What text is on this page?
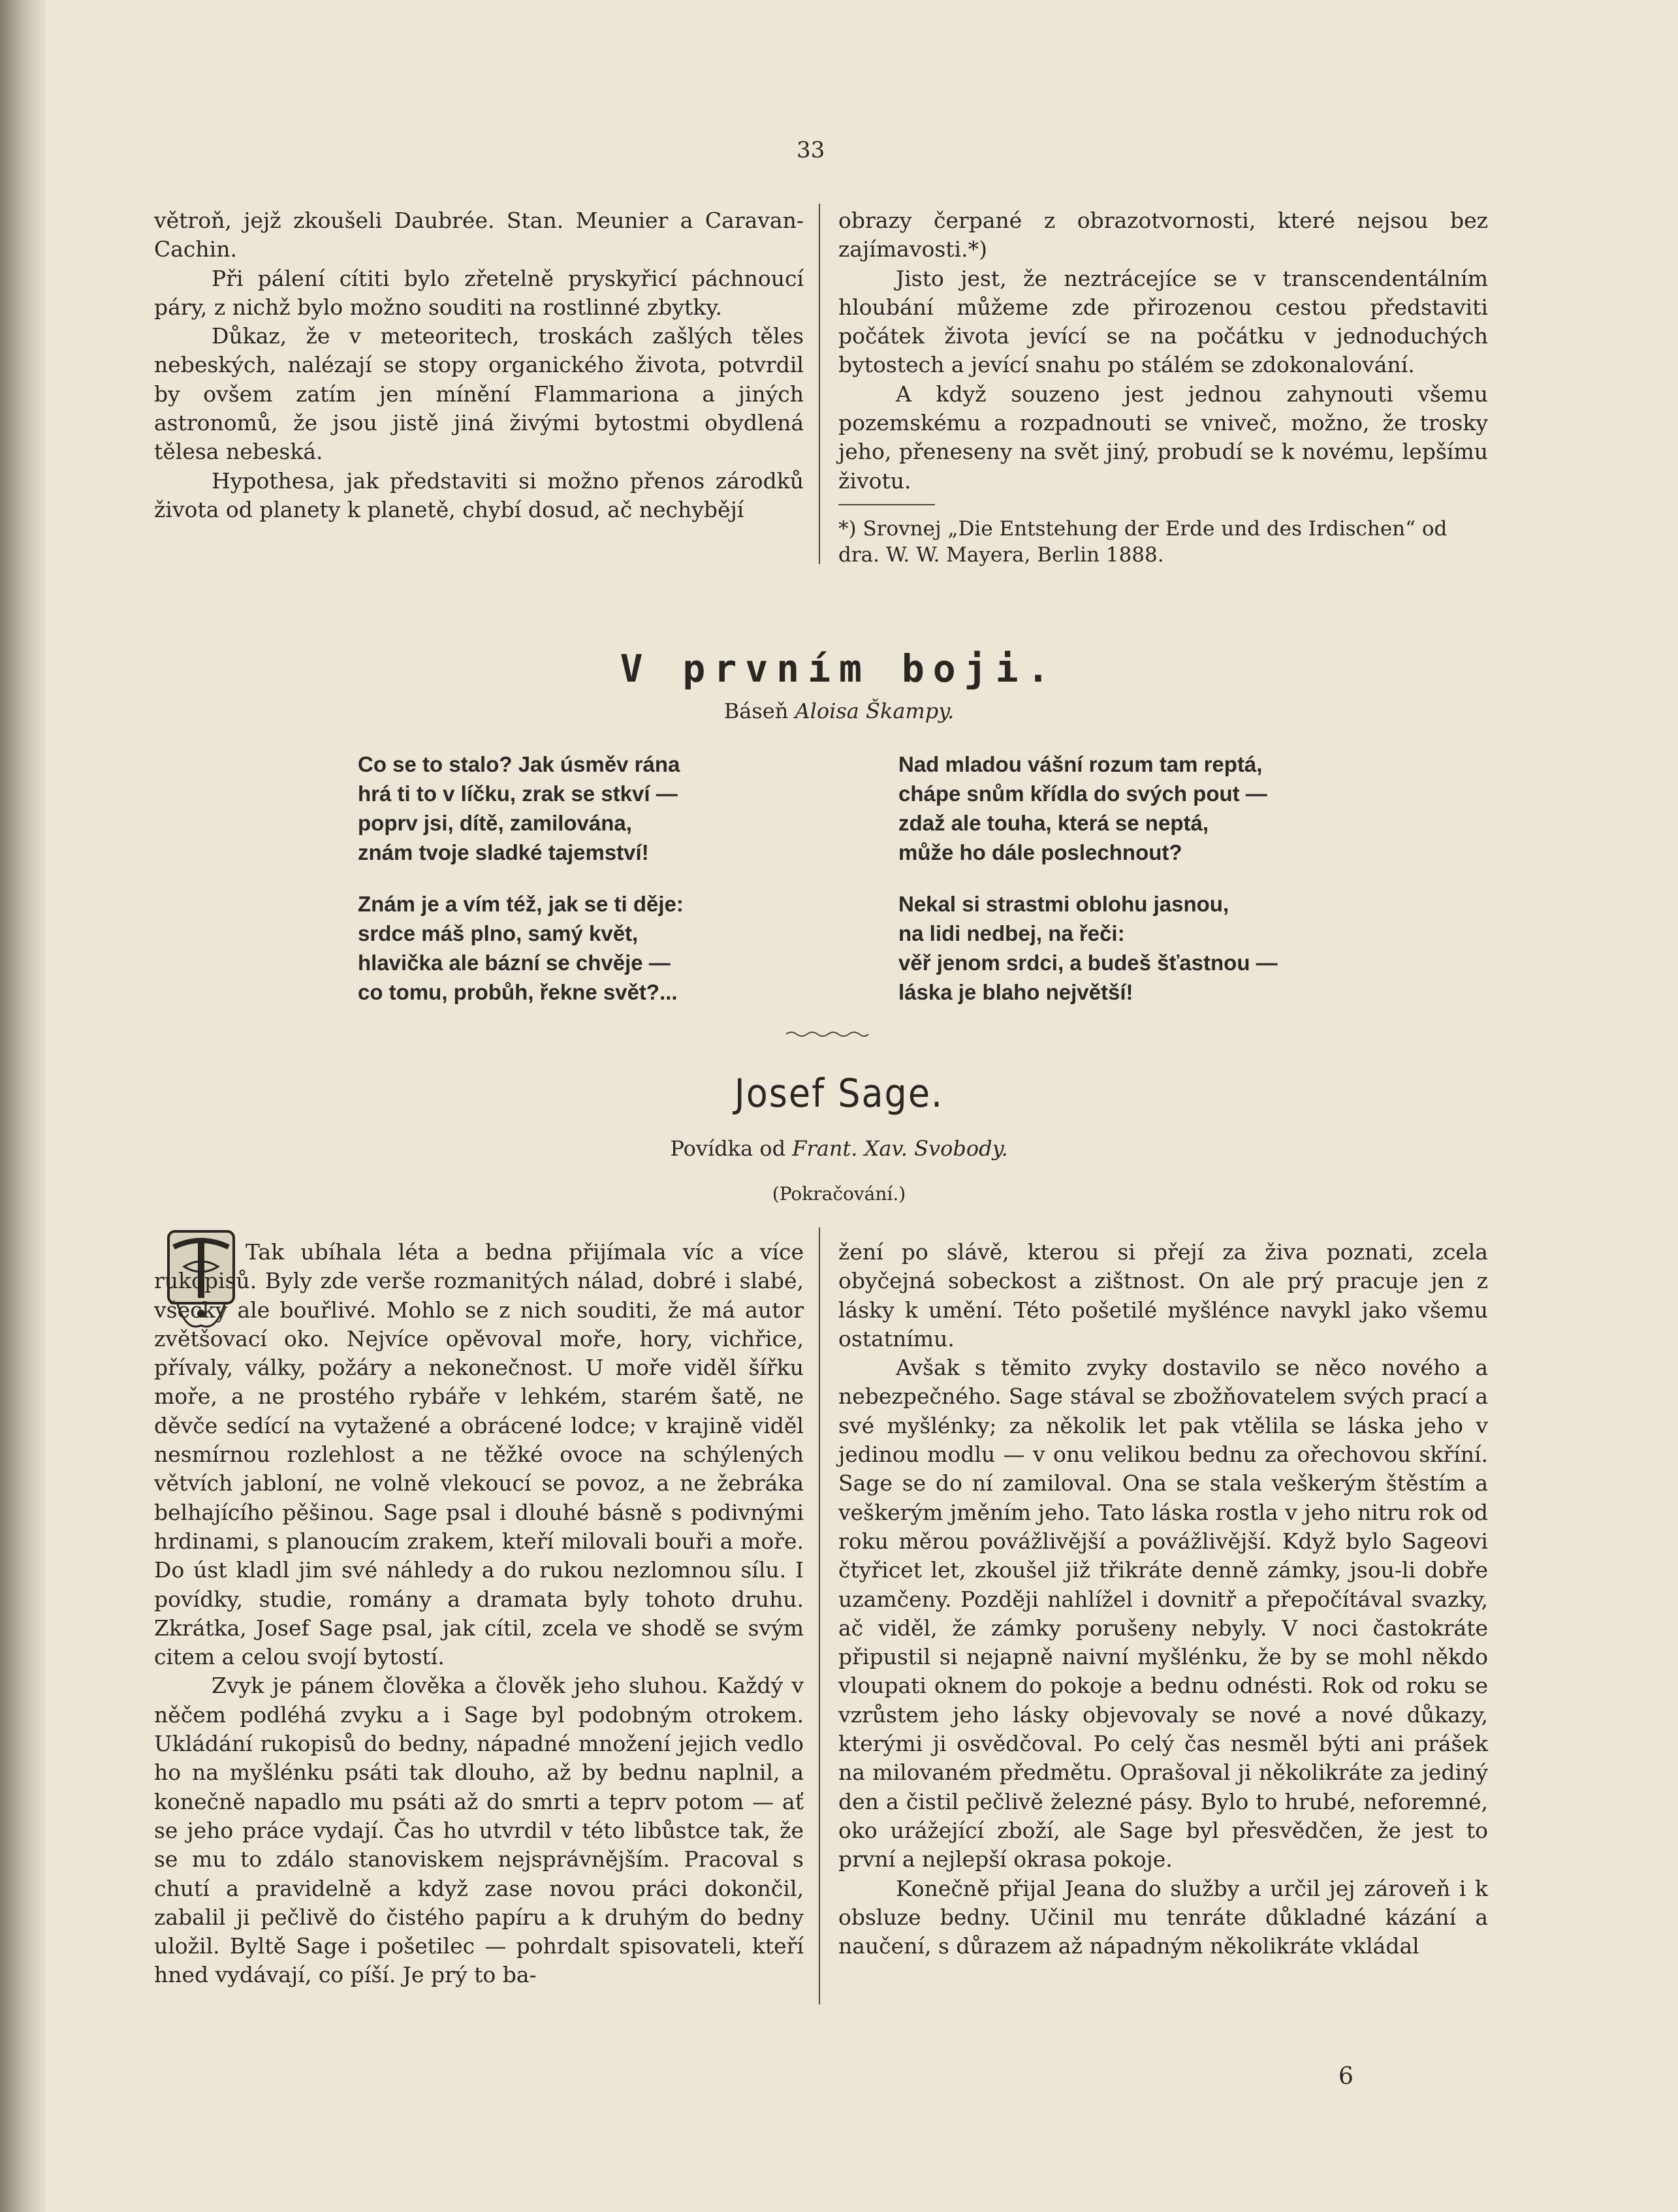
33

větroň, jejž zkoušeli Daubrée. Stan. Meunier a Caravan-Cachin.

Při pálení cítiti bylo zřetelně pryskyřicí páchnoucí páry, z nichž bylo možno souditi na rostlinné zbytky.

Důkaz, že v meteoritech, troskách zašlých těles nebeských, nalézají se stopy organického života, potvrdil by ovšem zatím jen mínění Flammariona a jiných astronomů, že jsou jistě jiná živými bytostmi obydlená tělesa nebeská.

Hypothesa, jak představiti si možno přenos zárodků života od planety k planetě, chybí dosud, ač nechybějí

obrazy čerpané z obrazotvornosti, které nejsou bez zajímavosti.*)

Jisto jest, že neztrácejíce se v transcendentálním hloubání můžeme zde přirozenou cestou představiti počátek života jevící se na počátku v jednoduchých bytostech a jevící snahu po stálém se zdokonalování.

A když souzeno jest jednou zahynouti všemu pozemskému a rozpadnouti se vniveč, možno, že trosky jeho, přeneseny na svět jiný, probudí se k novému, lepšímu životu.

*) Srovnej „Die Entstehung der Erde und des Irdischen“ od dra. W. W. Mayera, Berlin 1888.
V prvním boji.
Báseň Aloisa Škampy.
Co se to stalo? Jak úsměv rána
hrá ti to v líčku, zrak se stkví —
poprv jsi, dítě, zamilována,
znám tvoje sladké tajemství!
Znám je a vím též, jak se ti děje:
srdce máš plno, samý květ,
hlavička ale bázní se chvěje —
co tomu, probůh, řekne svět?...
Nad mladou vášní rozum tam reptá,
chápe snům křídla do svých pout —
zdaž ale touha, která se neptá,
může ho dále poslechnout?
Nekal si strastmi oblohu jasnou,
na lidi nedbej, na řeči:
věř jenom srdci, a budeš šťastnou —
láska je blaho největší!
Josef Sage.
Povídka od Frant. Xav. Svobody.
(Pokračování.)

Tak ubíhala léta a bedna přijímala víc a více rukopisů. Byly zde verše rozmanitých nálad, dobré i slabé, všecky ale bouřlivé. Mohlo se z nich souditi, že má autor zvětšovací oko. Nejvíce opěvoval moře, hory, vichřice, přívaly, války, požáry a nekonečnost. U moře viděl šířku moře, a ne prostého rybáře v lehkém, starém šatě, ne děvče sedící na vytažené a obrácené lodce; v krajině viděl nesmírnou rozlehlost a ne těžké ovoce na schýlených větvích jabloní, ne volně vlekoucí se povoz, a ne žebráka belhajícího pěšinou. Sage psal i dlouhé básně s podivnými hrdinami, s planoucím zrakem, kteří milovali bouři a moře. Do úst kladl jim své náhledy a do rukou nezlomnou sílu. I povídky, studie, romány a dramata byly tohoto druhu. Zkrátka, Josef Sage psal, jak cítil, zcela ve shodě se svým citem a celou svojí bytostí.

Zvyk je pánem člověka a člověk jeho sluhou. Každý v něčem podléhá zvyku a i Sage byl podobným otrokem. Ukládání rukopisů do bedny, nápadné množení jejich vedlo ho na myšlénku psáti tak dlouho, až by bednu naplnil, a konečně napadlo mu psáti až do smrti a teprv potom — ať se jeho práce vydají. Čas ho utvrdil v této libůstce tak, že se mu to zdálo stanoviskem nejsprávnějším. Pracoval s chutí a pravidelně a když zase novou práci dokončil, zabalil ji pečlivě do čistého papíru a k druhým do bedny uložil. Byltě Sage i pošetilec — pohrdalt spisovateli, kteří hned vydávají, co píší. Je prý to ba-

žení po slávě, kterou si přejí za živa poznati, zcela obyčejná sobeckost a zištnost. On ale prý pracuje jen z lásky k umění. Této pošetilé myšlénce navykl jako všemu ostatnímu.

Avšak s těmito zvyky dostavilo se něco nového a nebezpečného. Sage stával se zbožňovatelem svých prací a své myšlénky; za několik let pak vtělila se láska jeho v jedinou modlu — v onu velikou bednu za ořechovou skříní. Sage se do ní zamiloval. Ona se stala veškerým štěstím a veškerým jměním jeho. Tato láska rostla v jeho nitru rok od roku měrou povážlivější a povážlivější. Když bylo Sageovi čtyřicet let, zkoušel již třikráte denně zámky, jsou-li dobře uzamčeny. Později nahlížel i dovnitř a přepočítával svazky, ač viděl, že zámky porušeny nebyly. V noci častokráte připustil si nejapně naivní myšlénku, že by se mohl někdo vloupati oknem do pokoje a bednu odnésti. Rok od roku se vzrůstem jeho lásky objevovaly se nové a nové důkazy, kterými ji osvědčoval. Po celý čas nesměl býti ani prášek na milovaném předmětu. Oprašoval ji několikráte za jediný den a čistil pečlivě železné pásy. Bylo to hrubé, neforemné, oko urážející zboží, ale Sage byl přesvědčen, že jest to první a nejlepší okrasa pokoje.

Konečně přijal Jeana do služby a určil jej zároveň i k obsluze bedny. Učinil mu tenráte důkladné kázání a naučení, s důrazem až nápadným několikráte vkládal

6
